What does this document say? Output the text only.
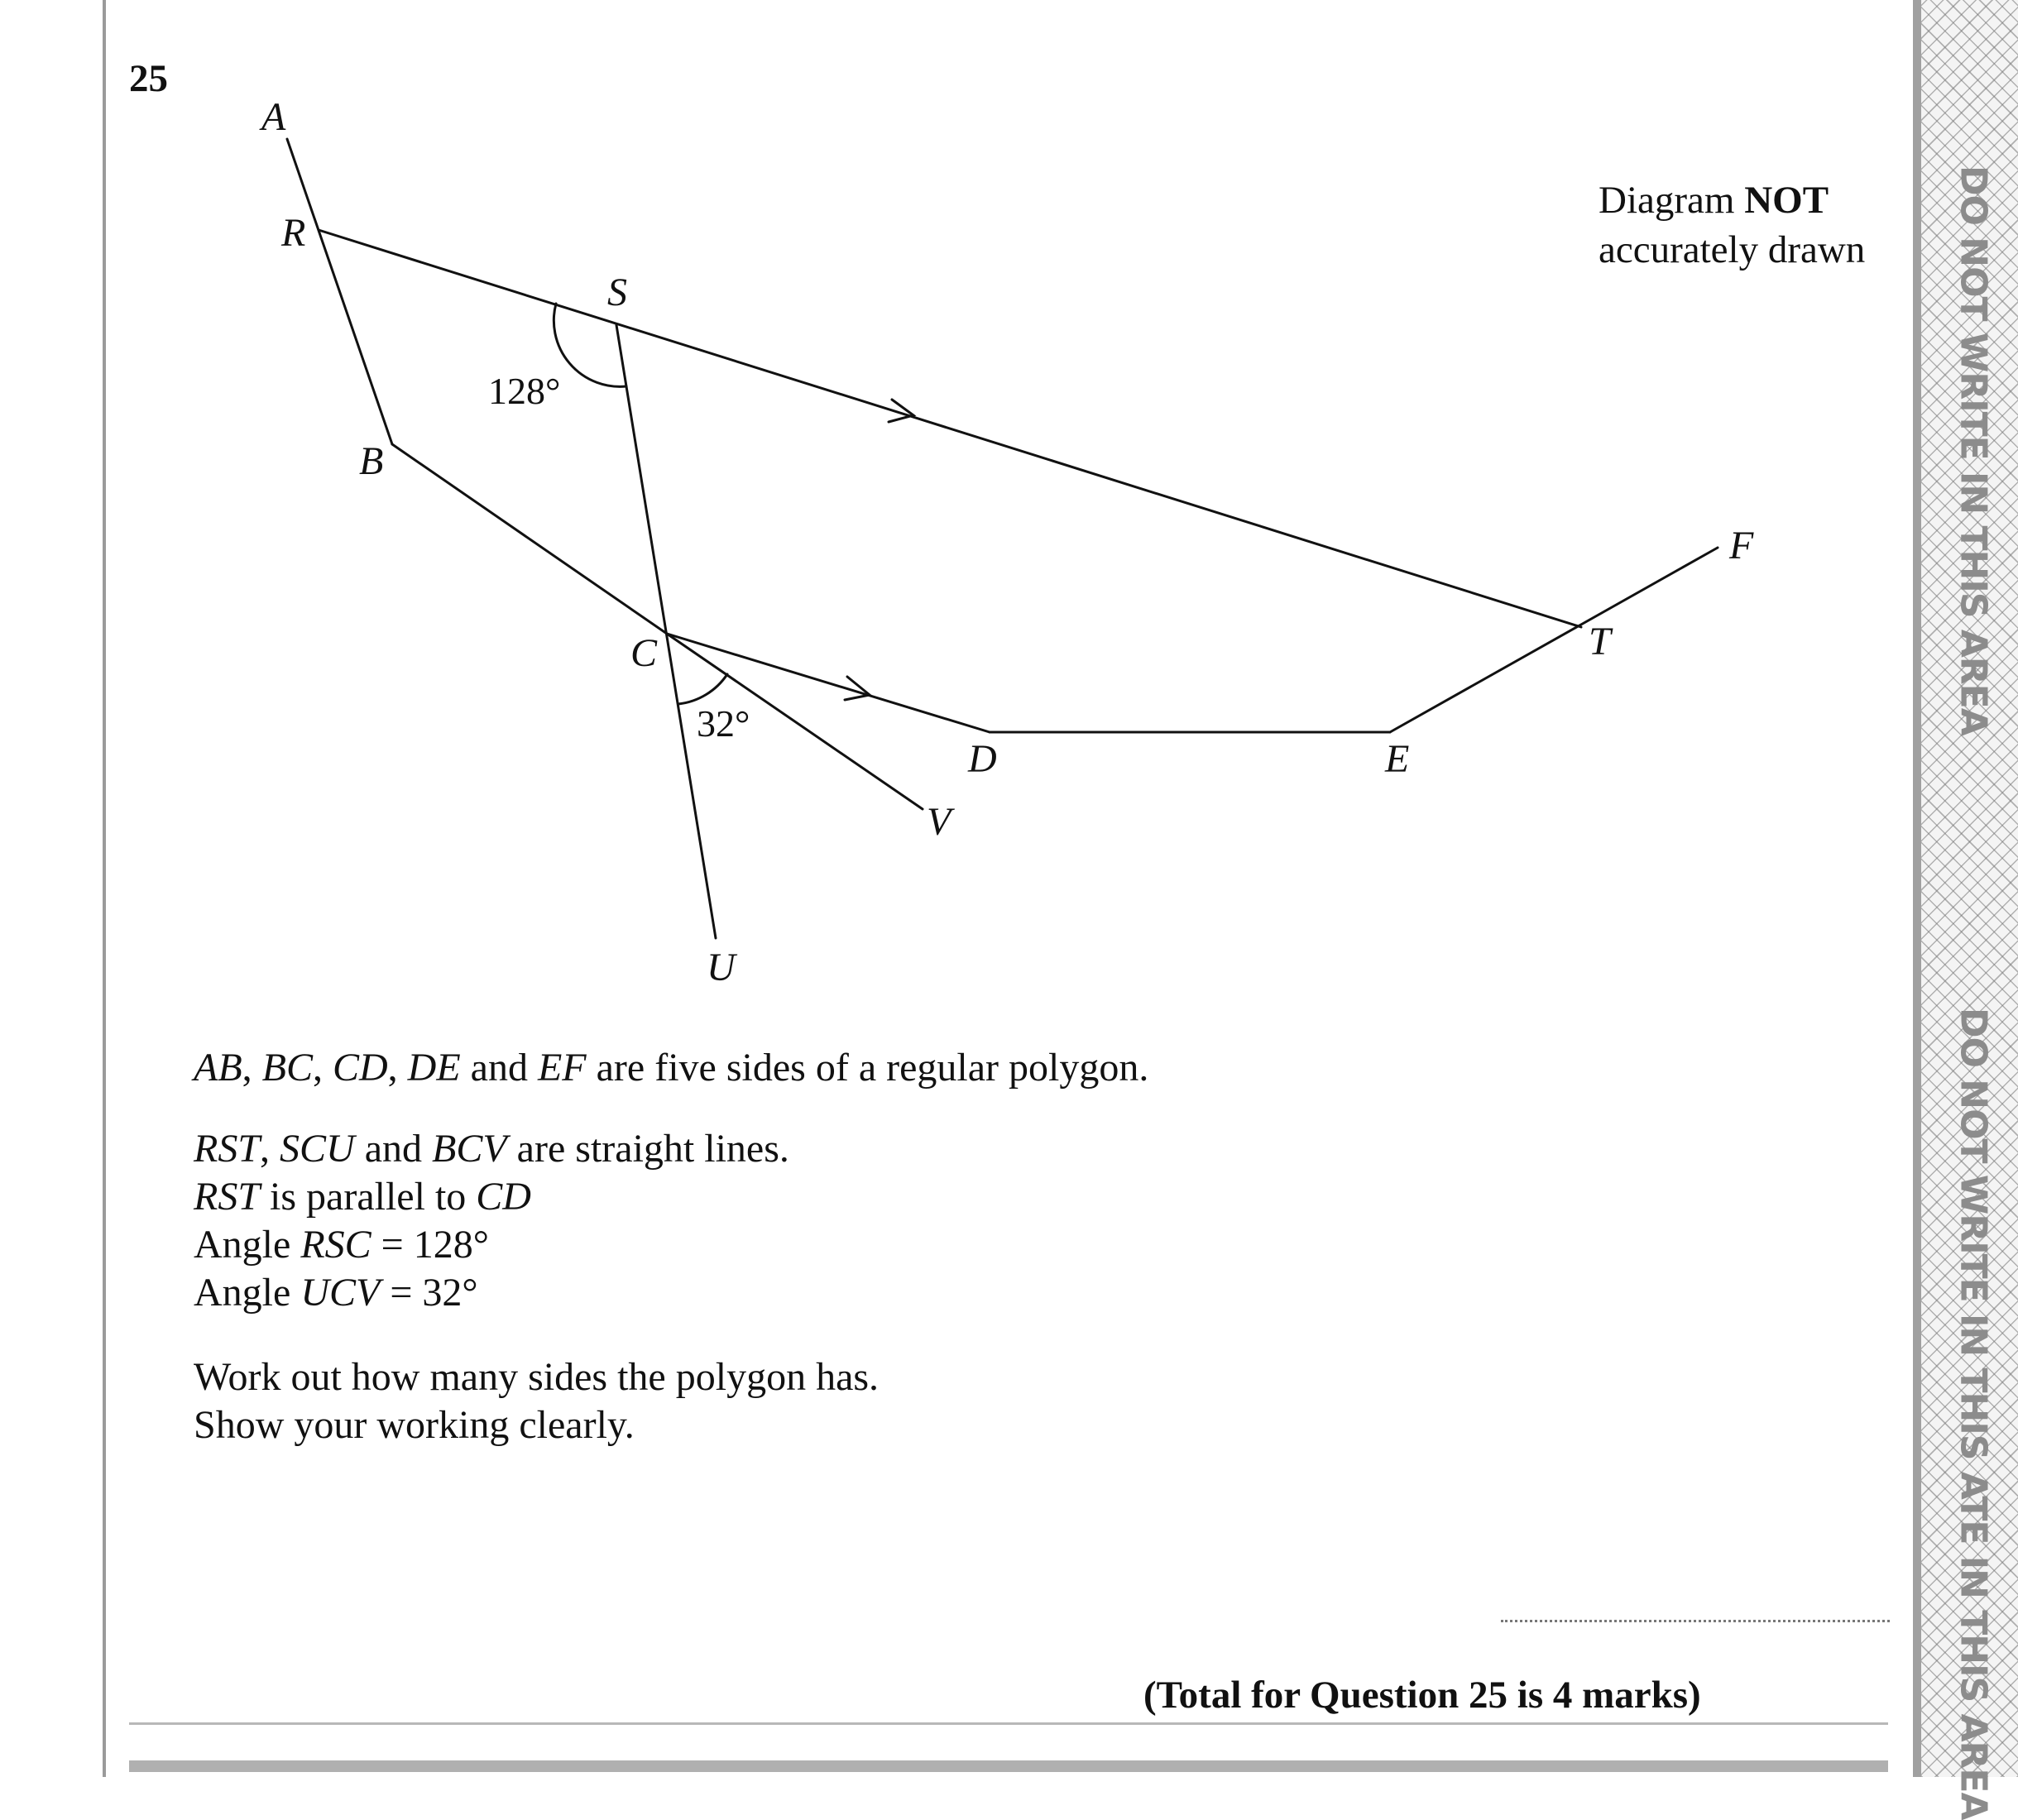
DO NOT WRITE IN THIS AREA
DO NOT WRITE IN THIS ATE IN THIS AREA
25
Diagram NOT
accurately drawn
A
R
S
B
C
D	E
F
T
U
V
128°
32°
AB, BC, CD, DE and EF are five sides of a regular polygon.
RST, SCU and BCV are straight lines.
RST is parallel to CD
Angle RSC = 128°
Angle UCV = 32°
Work out how many sides the polygon has.
Show your working clearly.
(Total for Question 25 is 4 marks)
